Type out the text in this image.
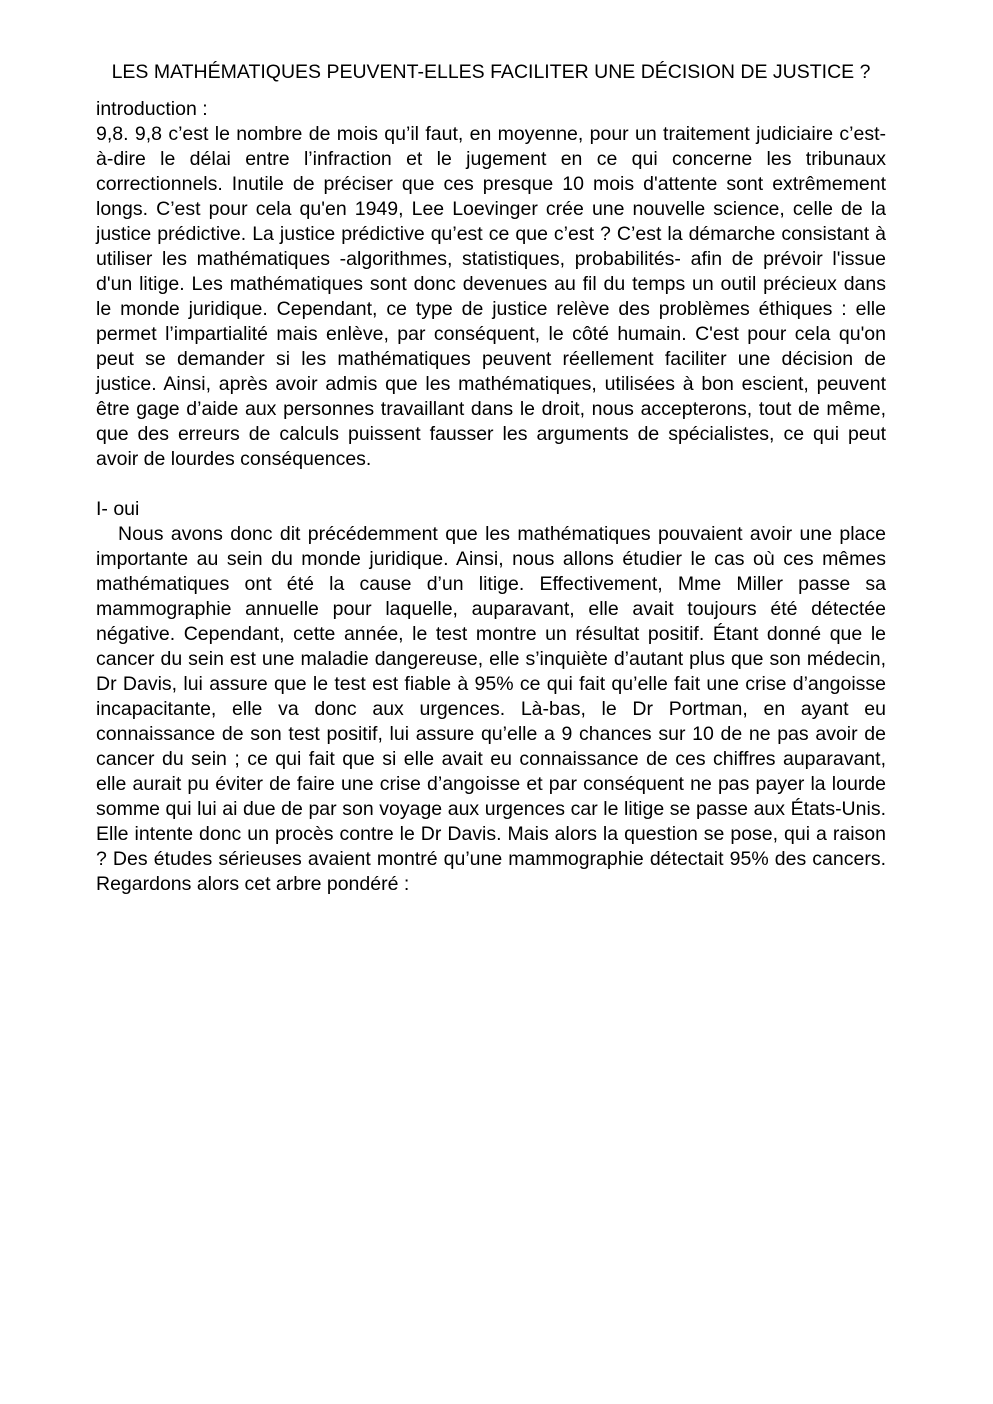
LES MATHÉMATIQUES PEUVENT-ELLES FACILITER UNE DÉCISION DE JUSTICE ?

introduction :

9,8. 9,8 c’est le nombre de mois qu’il faut, en moyenne, pour un traitement judiciaire c’est-à-dire le délai entre l’infraction et le jugement en ce qui concerne les tribunaux correctionnels. Inutile de préciser que ces presque 10 mois d'attente sont extrêmement longs. C’est pour cela qu'en 1949, Lee Loevinger crée une nouvelle science, celle de la justice prédictive. La justice prédictive qu’est ce que c’est ? C’est la démarche consistant à utiliser les mathématiques -algorithmes, statistiques, probabilités- afin de prévoir l'issue d'un litige. Les mathématiques sont donc devenues au fil du temps un outil précieux dans le monde juridique. Cependant, ce type de justice relève des problèmes éthiques : elle permet l’impartialité mais enlève, par conséquent, le côté humain. C'est pour cela qu'on peut se demander si les mathématiques peuvent réellement faciliter une décision de justice. Ainsi, après avoir admis que les mathématiques, utilisées à bon escient, peuvent être gage d’aide aux personnes travaillant dans le droit, nous accepterons, tout de même, que des erreurs de calculs puissent fausser les arguments de spécialistes, ce qui peut avoir de lourdes conséquences.

I- oui

Nous avons donc dit précédemment que les mathématiques pouvaient avoir une place importante au sein du monde juridique. Ainsi, nous allons étudier le cas où ces mêmes mathématiques ont été la cause d’un litige. Effectivement, Mme Miller passe sa mammographie annuelle pour laquelle, auparavant, elle avait toujours été détectée négative. Cependant, cette année, le test montre un résultat positif. Étant donné que le cancer du sein est une maladie dangereuse, elle s’inquiète d’autant plus que son médecin, Dr Davis, lui assure que le test est fiable à 95% ce qui fait qu’elle fait une crise d’angoisse incapacitante, elle va donc aux urgences. Là-bas, le Dr Portman, en ayant eu connaissance de son test positif, lui assure qu’elle a 9 chances sur 10 de ne pas avoir de cancer du sein ; ce qui fait que si elle avait eu connaissance de ces chiffres auparavant, elle aurait pu éviter de faire une crise d’angoisse et par conséquent ne pas payer la lourde somme qui lui ai due de par son voyage aux urgences car le litige se passe aux États-Unis. Elle intente donc un procès contre le Dr Davis. Mais alors la question se pose, qui a raison ? Des études sérieuses avaient montré qu’une mammographie détectait 95% des cancers. Regardons alors cet arbre pondéré :
